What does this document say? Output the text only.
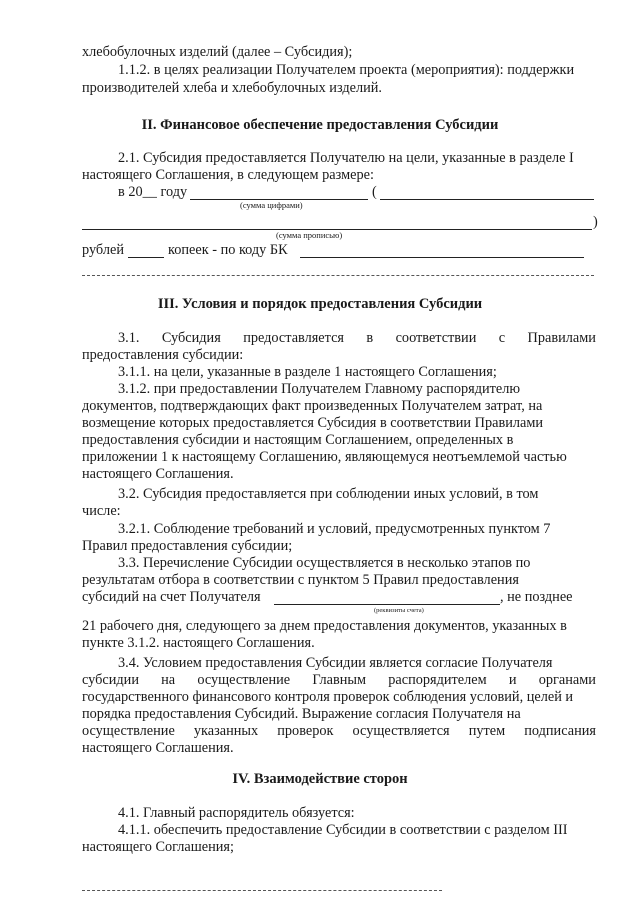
хлебобулочных изделий (далее – Субсидия);
1.1.2. в целях реализации Получателем проекта (мероприятия): поддержки
производителей хлеба и хлебобулочных изделий.
II. Финансовое обеспечение предоставления Субсидии
2.1. Субсидия предоставляется Получателю на цели, указанные в разделе I
настоящего Соглашения, в следующем размере:
в 20__ году	(
(сумма цифрами)
)
(сумма прописью)
рублей	копеек - по коду БК
III. Условия и порядок предоставления Субсидии
3.1. Субсидия предоставляется в соответствии с Правилами
предоставления субсидии:
3.1.1. на цели, указанные в разделе 1 настоящего Соглашения;
3.1.2. при предоставлении Получателем Главному распорядителю
документов, подтверждающих факт произведенных Получателем затрат, на
возмещение которых предоставляется Субсидия в соответствии Правилами
предоставления субсидии и настоящим Соглашением, определенных в
приложении 1 к настоящему Соглашению, являющемуся неотъемлемой частью
настоящего Соглашения.
3.2. Субсидия предоставляется при соблюдении иных условий, в том
числе:
3.2.1. Соблюдение требований и условий, предусмотренных пунктом 7
Правил предоставления субсидии;
3.3. Перечисление Субсидии осуществляется в несколько этапов по
результатам отбора в соответствии с пунктом 5 Правил предоставления
субсидий на счет Получателя	, не позднее
(реквизиты счета)
21 рабочего дня, следующего за днем предоставления документов, указанных в
пункте 3.1.2. настоящего Соглашения.
3.4. Условием предоставления Субсидии является согласие Получателя
субсидии на осуществление Главным распорядителем и органами
государственного финансового контроля проверок соблюдения условий, целей и
порядка предоставления Субсидий. Выражение согласия Получателя на
осуществление указанных проверок осуществляется путем подписания
настоящего Соглашения.
IV. Взаимодействие сторон
4.1. Главный распорядитель обязуется:
4.1.1. обеспечить предоставление Субсидии в соответствии с разделом III
настоящего Соглашения;
